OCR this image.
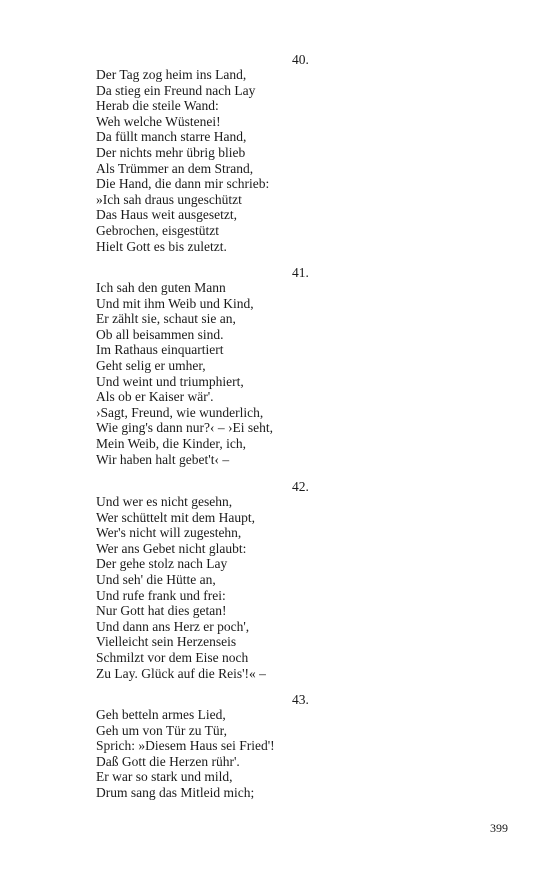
40.
Der Tag zog heim ins Land,
Da stieg ein Freund nach Lay
Herab die steile Wand:
Weh welche Wüstenei!
Da füllt manch starre Hand,
Der nichts mehr übrig blieb
Als Trümmer an dem Strand,
Die Hand, die dann mir schrieb:
»Ich sah draus ungeschützt
Das Haus weit ausgesetzt,
Gebrochen, eisgestützt
Hielt Gott es bis zuletzt.
41.
Ich sah den guten Mann
Und mit ihm Weib und Kind,
Er zählt sie, schaut sie an,
Ob all beisammen sind.
Im Rathaus einquartiert
Geht selig er umher,
Und weint und triumphiert,
Als ob er Kaiser wär'.
›Sagt, Freund, wie wunderlich,
Wie ging's dann nur?‹ – ›Ei seht,
Mein Weib, die Kinder, ich,
Wir haben halt gebet't‹ –
42.
Und wer es nicht gesehn,
Wer schüttelt mit dem Haupt,
Wer's nicht will zugestehn,
Wer ans Gebet nicht glaubt:
Der gehe stolz nach Lay
Und seh' die Hütte an,
Und rufe frank und frei:
Nur Gott hat dies getan!
Und dann ans Herz er poch',
Vielleicht sein Herzenseis
Schmilzt vor dem Eise noch
Zu Lay. Glück auf die Reis'!« –
43.
Geh betteln armes Lied,
Geh um von Tür zu Tür,
Sprich: »Diesem Haus sei Fried'!
Daß Gott die Herzen rühr'.
Er war so stark und mild,
Drum sang das Mitleid mich;
399
